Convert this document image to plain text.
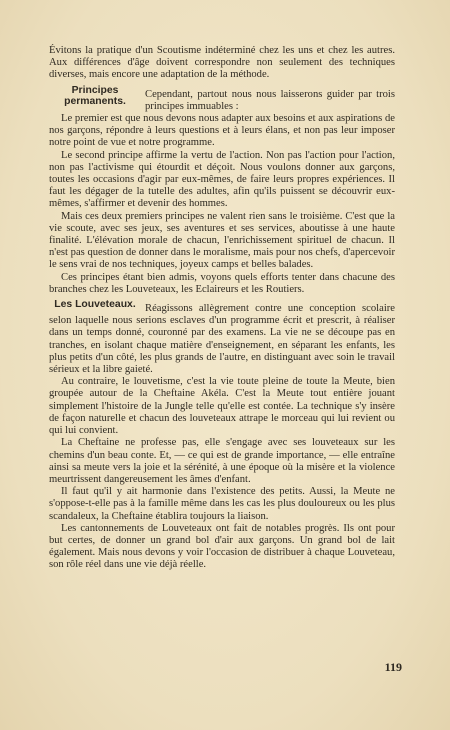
Évitons la pratique d'un Scoutisme indéterminé chez les uns et chez les autres. Aux différences d'âge doivent correspondre non seulement des techniques diverses, mais encore une adaptation de la méthode.

Principes permanents.

Cependant, partout nous nous laisserons guider par trois principes immuables :

Le premier est que nous devons nous adapter aux besoins et aux aspirations de nos garçons, répondre à leurs questions et à leurs élans, et non pas leur imposer notre point de vue et notre programme.

Le second principe affirme la vertu de l'action. Non pas l'action pour l'action, non pas l'activisme qui étourdit et déçoit. Nous voulons donner aux garçons, toutes les occasions d'agir par eux-mêmes, de faire leurs propres expériences. Il faut les dégager de la tutelle des adultes, afin qu'ils puissent se découvrir eux-mêmes, s'affirmer et devenir des hommes.

Mais ces deux premiers principes ne valent rien sans le troisième. C'est que la vie scoute, avec ses jeux, ses aventures et ses services, aboutisse à une haute finalité. L'élévation morale de chacun, l'enrichissement spirituel de chacun. Il n'est pas question de donner dans le moralisme, mais pour nos chefs, d'apercevoir le sens vrai de nos techniques, joyeux camps et belles balades.

Ces principes étant bien admis, voyons quels efforts tenter dans chacune des branches chez les Louveteaux, les Eclaireurs et les Routiers.

Les Louveteaux. Réagissons allègrement contre une conception scolaire selon laquelle nous serions esclaves d'un programme écrit et prescrit, à réaliser dans un temps donné, couronné par des examens. La vie ne se découpe pas en tranches, en isolant chaque matière d'enseignement, en séparant les enfants, les plus petits d'un côté, les plus grands de l'autre, en distinguant avec soin le travail sérieux et la libre gaieté.

Au contraire, le louvetisme, c'est la vie toute pleine de toute la Meute, bien groupée autour de la Cheftaine Akéla. C'est la Meute tout entière jouant simplement l'histoire de la Jungle telle qu'elle est contée. La technique s'y insère de façon naturelle et chacun des louveteaux attrape le morceau qui lui revient ou qui lui convient.

La Cheftaine ne professe pas, elle s'engage avec ses louveteaux sur les chemins d'un beau conte. Et, — ce qui est de grande importance, — elle entraîne ainsi sa meute vers la joie et la sérénité, à une époque où la misère et la violence meurtrissent dangereusement les âmes d'enfant.

Il faut qu'il y ait harmonie dans l'existence des petits. Aussi, la Meute ne s'oppose-t-elle pas à la famille même dans les cas les plus douloureux ou les plus scandaleux, la Cheftaine établira toujours la liaison.

Les cantonnements de Louveteaux ont fait de notables progrès. Ils ont pour but certes, de donner un grand bol d'air aux garçons. Un grand bol de lait également. Mais nous devons y voir l'occasion de distribuer à chaque Louveteau, son rôle réel dans une vie déjà réelle.

119
